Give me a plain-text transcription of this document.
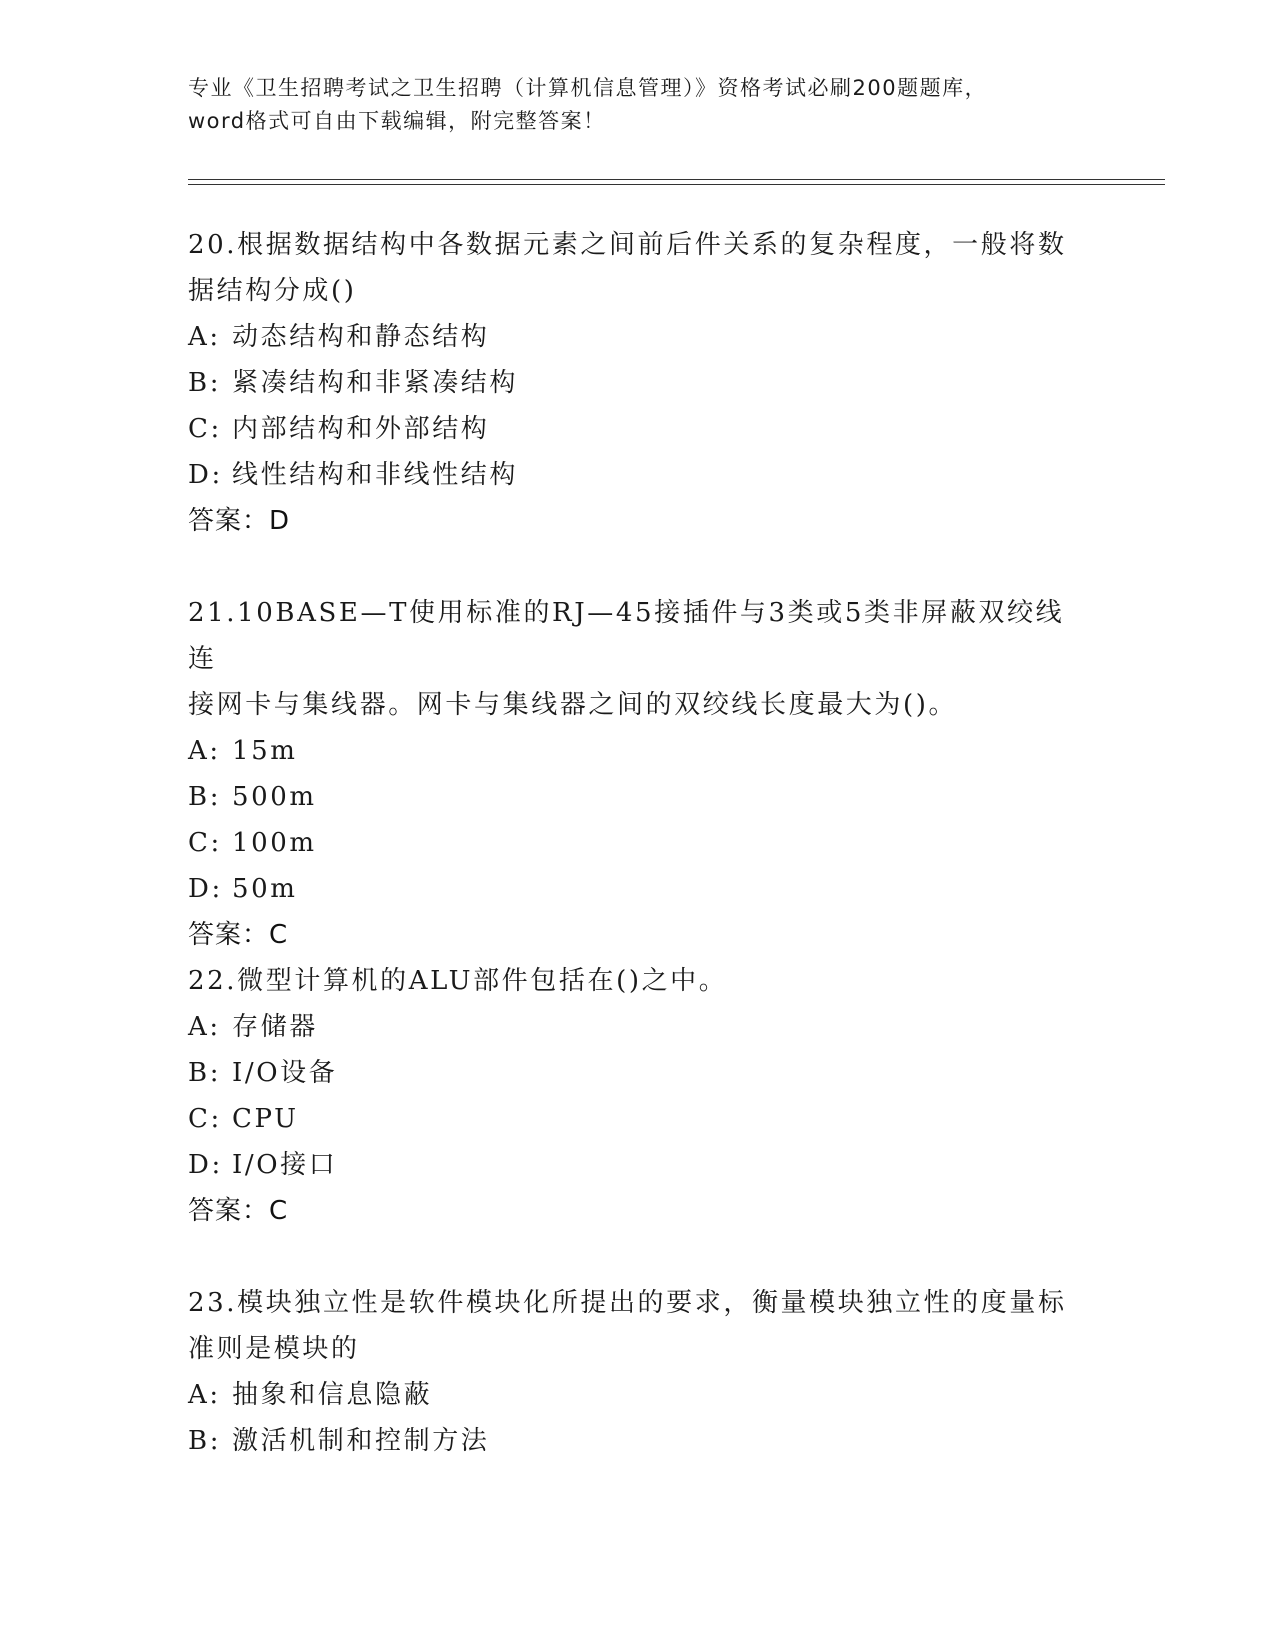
专业《卫生招聘考试之卫生招聘（计算机信息管理）》资格考试必刷200题题库，
word格式可自由下载编辑，附完整答案！
20.根据数据结构中各数据元素之间前后件关系的复杂程度，一般将数
据结构分成()
A: 动态结构和静态结构
B: 紧凑结构和非紧凑结构
C: 内部结构和外部结构
D: 线性结构和非线性结构
答案：D
21.10BASE—T使用标准的RJ—45接插件与3类或5类非屏蔽双绞线连
接网卡与集线器。网卡与集线器之间的双绞线长度最大为()。
A: 15m
B: 500m
C: 100m
D: 50m
答案：C
22.微型计算机的ALU部件包括在()之中。
A: 存储器
B: I/O设备
C: CPU
D: I/O接口
答案：C
23.模块独立性是软件模块化所提出的要求，衡量模块独立性的度量标
准则是模块的
A: 抽象和信息隐蔽
B: 激活机制和控制方法
